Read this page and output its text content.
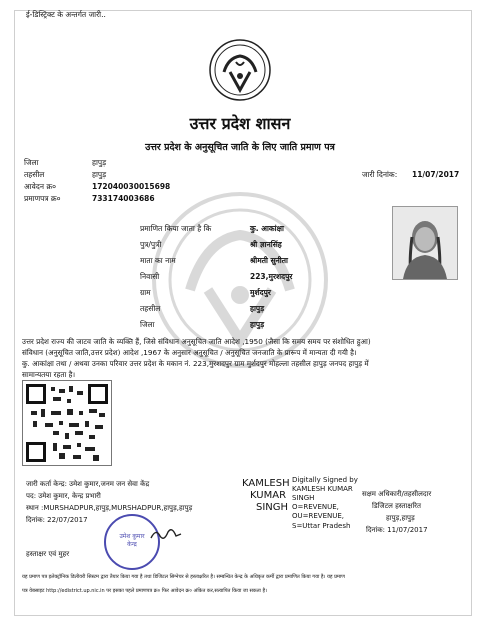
ई-डिस्ट्रिक्ट के अन्तर्गत जारी..
उत्तर प्रदेश शासन
उत्तर प्रदेश के अनुसूचित जाति के लिए जाति प्रमाण पत्र
जिला	हापुड़
तहसील	हापुड़
आवेदन क्र०	172040030015698
प्रमाणपत्र क्र०	733174003686
जारी दिनांक: 11/07/2017
प्रमाणित किया जाता है कि	कु. आकांक्षा
पुत्र/पुत्री	श्री ज्ञानसिंह
माता का नाम	श्रीमती सुनीता
निवासी	223,मुरशदपुर
ग्राम	मुर्शदपुर
तहसील	हापुड़
जिला	हापुड़
उत्तर प्रदेश राज्य की जाटव जाति के व्यक्ति हैं, जिसे संविधान अनुसूचित जाति आदेश ,1950 (जैसा कि समय समय पर संशोधित हुआ)
संविधान (अनुसूचित जाति,उत्तर प्रदेश) आदेश ,1967 के अनुसार अनुसूचित / अनुसूचित जनजाति के प्रारूप में मान्यता दी गयी है।
कु. आकांक्षा तथा / अथवा उनका परिवार उत्तर प्रदेश के मकान नं. 223,मुरशदपुर ग्राम मुर्शदपुर मोहल्ला तहसील हापुड़ जनपद हापुड़ में
सामान्यतया रहता है।
जारी कर्ता केन्द्र: उमेश कुमार,जनम जन सेवा केंद्र
पद: उमेश कुमार, केन्द्र प्रभारी
स्थान :MURSHADPUR,हापुड़,MURSHADPUR,हापुड़,हापुड़
दिनांक: 22/07/2017
हस्ताक्षर एवं मुहर
उमेश कुमार
केन्द्र
KAMLESH
KUMAR
SINGH
Digitally Signed by
KAMLESH KUMAR
SINGH
O=REVENUE,
OU=REVENUE,
S=Uttar Pradesh
सक्षम अधिकारी/तहसीलदार
डिजिटल हस्ताक्षरित
हापुड़,हापुड़
दिनांक: 11/07/2017
यह प्रमाण पत्र इलेक्ट्रॉनिक डिलीवरी सिस्टम द्वारा तैयार किया गया है तथा डिजिटल सिग्नेचर से हस्ताक्षरित है। सम्बन्धित केन्द्र के अधिकृत कर्मी द्वारा प्रमाणित किया गया है। यह प्रमाण
पत्र वेबसाइट http://edistrict.up.nic.in पर इसका पहले प्रमाणपत्र क्र० फिर आवेदन क्र० अंकित कर,सत्यापित किया जा सकता है।
